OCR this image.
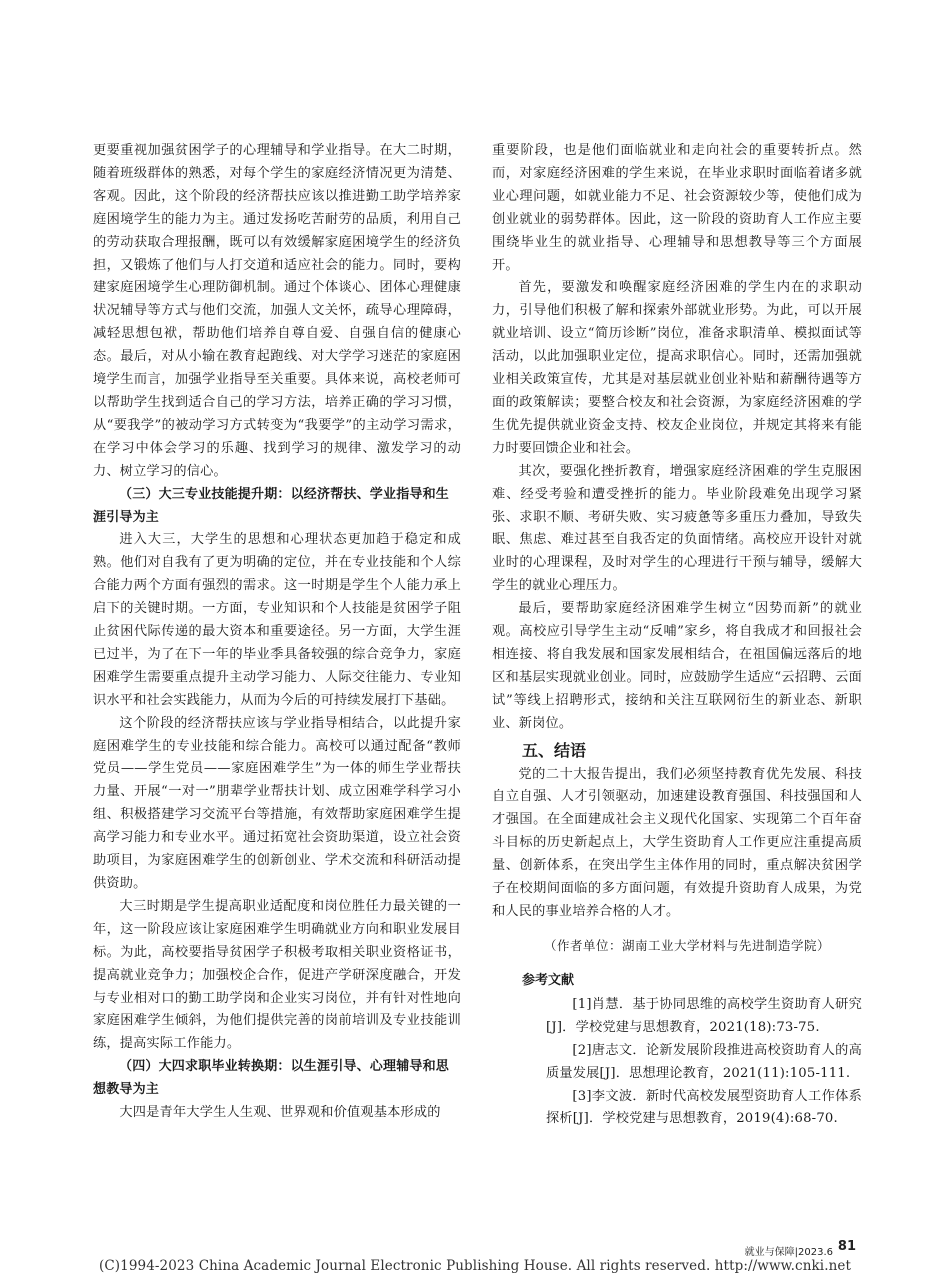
更要重视加强贫困学子的心理辅导和学业指导。在大二时期，随着班级群体的熟悉，对每个学生的家庭经济情况更为清楚、客观。因此，这个阶段的经济帮扶应该以推进勤工助学培养家庭困境学生的能力为主。通过发扬吃苦耐劳的品质，利用自己的劳动获取合理报酬，既可以有效缓解家庭困境学生的经济负担，又锻炼了他们与人打交道和适应社会的能力。同时，要构建家庭困境学生心理防御机制。通过个体谈心、团体心理健康状况辅导等方式与他们交流，加强人文关怀，疏导心理障碍，减轻思想包袱，帮助他们培养自尊自爱、自强自信的健康心态。最后，对从小输在教育起跑线、对大学学习迷茫的家庭困境学生而言，加强学业指导至关重要。具体来说，高校老师可以帮助学生找到适合自己的学习方法，培养正确的学习习惯，从“要我学”的被动学习方式转变为“我要学”的主动学习需求，在学习中体会学习的乐趣、找到学习的规律、激发学习的动力、树立学习的信心。

（三）大三专业技能提升期：以经济帮扶、学业指导和生涯引导为主

进入大三，大学生的思想和心理状态更加趋于稳定和成熟。他们对自我有了更为明确的定位，并在专业技能和个人综合能力两个方面有强烈的需求。这一时期是学生个人能力承上启下的关键时期。一方面，专业知识和个人技能是贫困学子阻止贫困代际传递的最大资本和重要途径。另一方面，大学生涯已过半，为了在下一年的毕业季具备较强的综合竞争力，家庭困难学生需要重点提升主动学习能力、人际交往能力、专业知识水平和社会实践能力，从而为今后的可持续发展打下基础。

这个阶段的经济帮扶应该与学业指导相结合，以此提升家庭困难学生的专业技能和综合能力。高校可以通过配备“教师党员——学生党员——家庭困难学生”为一体的师生学业帮扶力量、开展“一对一”朋辈学业帮扶计划、成立困难学科学习小组、积极搭建学习交流平台等措施，有效帮助家庭困难学生提高学习能力和专业水平。通过拓宽社会资助渠道，设立社会资助项目，为家庭困难学生的创新创业、学术交流和科研活动提供资助。

大三时期是学生提高职业适配度和岗位胜任力最关键的一年，这一阶段应该让家庭困难学生明确就业方向和职业发展目标。为此，高校要指导贫困学子积极考取相关职业资格证书，提高就业竞争力；加强校企合作，促进产学研深度融合，开发与专业相对口的勤工助学岗和企业实习岗位，并有针对性地向家庭困难学生倾斜，为他们提供完善的岗前培训及专业技能训练，提高实际工作能力。

（四）大四求职毕业转换期：以生涯引导、心理辅导和思想教导为主

大四是青年大学生人生观、世界观和价值观基本形成的

重要阶段，也是他们面临就业和走向社会的重要转折点。然而，对家庭经济困难的学生来说，在毕业求职时面临着诸多就业心理问题，如就业能力不足、社会资源较少等，使他们成为创业就业的弱势群体。因此，这一阶段的资助育人工作应主要围绕毕业生的就业指导、心理辅导和思想教导等三个方面展开。

首先，要激发和唤醒家庭经济困难的学生内在的求职动力，引导他们积极了解和探索外部就业形势。为此，可以开展就业培训、设立“简历诊断”岗位，准备求职清单、模拟面试等活动，以此加强职业定位，提高求职信心。同时，还需加强就业相关政策宣传，尤其是对基层就业创业补贴和薪酬待遇等方面的政策解读；要整合校友和社会资源，为家庭经济困难的学生优先提供就业资金支持、校友企业岗位，并规定其将来有能力时要回馈企业和社会。

其次，要强化挫折教育，增强家庭经济困难的学生克服困难、经受考验和遭受挫折的能力。毕业阶段难免出现学习紧张、求职不顺、考研失败、实习疲惫等多重压力叠加，导致失眠、焦虑、难过甚至自我否定的负面情绪。高校应开设针对就业时的心理课程，及时对学生的心理进行干预与辅导，缓解大学生的就业心理压力。

最后，要帮助家庭经济困难学生树立“因势而新”的就业观。高校应引导学生主动“反哺”家乡，将自我成才和回报社会相连接、将自我发展和国家发展相结合，在祖国偏远落后的地区和基层实现就业创业。同时，应鼓励学生适应“云招聘、云面试”等线上招聘形式，接纳和关注互联网衍生的新业态、新职业、新岗位。

五、结语

党的二十大报告提出，我们必须坚持教育优先发展、科技自立自强、人才引领驱动，加速建设教育强国、科技强国和人才强国。在全面建成社会主义现代化国家、实现第二个百年奋斗目标的历史新起点上，大学生资助育人工作更应注重提高质量、创新体系，在突出学生主体作用的同时，重点解决贫困学子在校期间面临的多方面问题，有效提升资助育人成果，为党和人民的事业培养合格的人才。

（作者单位：湖南工业大学材料与先进制造学院）
参考文献

[1]肖慧．基于协同思维的高校学生资助育人研究[J]．学校党建与思想教育，2021(18):73-75.

[2]唐志文．论新发展阶段推进高校资助育人的高质量发展[J]．思想理论教育，2021(11):105-111.

[3]李文波．新时代高校发展型资助育人工作体系探析[J]．学校党建与思想教育，2019(4):68-70.

就业与保障|2023.6 81
(C)1994-2023 China Academic Journal Electronic Publishing House. All rights reserved. http://www.cnki.net
